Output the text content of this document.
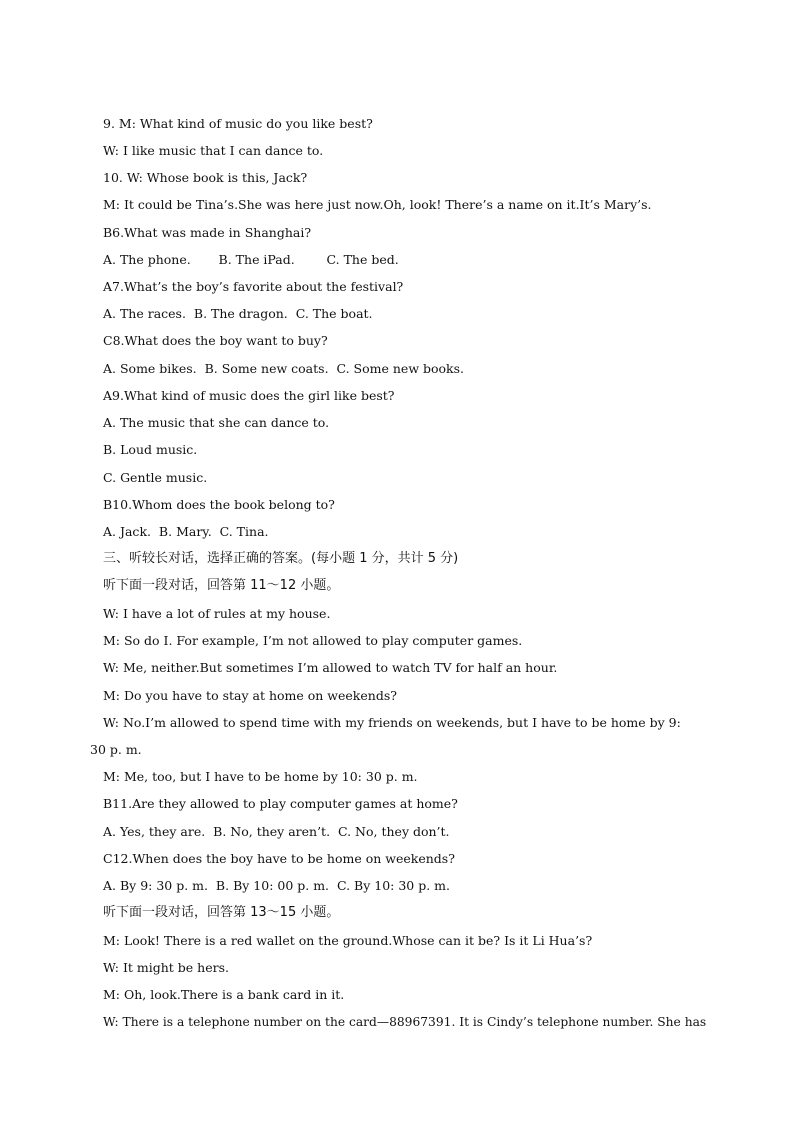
9. M: What kind of music do you like best?
W: I like music that I can dance to.
10. W: Whose book is this, Jack?
M: It could be Tina’s.She was here just now.Oh, look! There’s a name on it.It’s Mary’s.
B6.What was made in Shanghai?
A. The phone.       B. The iPad.        C. The bed.
A7.What’s the boy’s favorite about the festival?
A. The races.  B. The dragon.  C. The boat.
C8.What does the boy want to buy?
A. Some bikes.  B. Some new coats.  C. Some new books.
A9.What kind of music does the girl like best?
A. The music that she can dance to.
B. Loud music.
C. Gentle music.
B10.Whom does the book belong to?
A. Jack.  B. Mary.  C. Tina.
三、听较长对话，选择正确的答案。(每小题 1 分，共计 5 分)
听下面一段对话，回答第 11～12 小题。
W: I have a lot of rules at my house.
M: So do I. For example, I’m not allowed to play computer games.
W: Me, neither.But sometimes I’m allowed to watch TV for half an hour.
M: Do you have to stay at home on weekends?
W: No.I’m allowed to spend time with my friends on weekends, but I have to be home by 9:
30 p. m.
M: Me, too, but I have to be home by 10: 30 p. m.
B11.Are they allowed to play computer games at home?
A. Yes, they are.  B. No, they aren’t.  C. No, they don’t.
C12.When does the boy have to be home on weekends?
A. By 9: 30 p. m.  B. By 10: 00 p. m.  C. By 10: 30 p. m.
听下面一段对话，回答第 13～15 小题。
M: Look! There is a red wallet on the ground.Whose can it be? Is it Li Hua’s?
W: It might be hers.
M: Oh, look.There is a bank card in it.
W: There is a telephone number on the card—88967391. It is Cindy’s telephone number. She has
